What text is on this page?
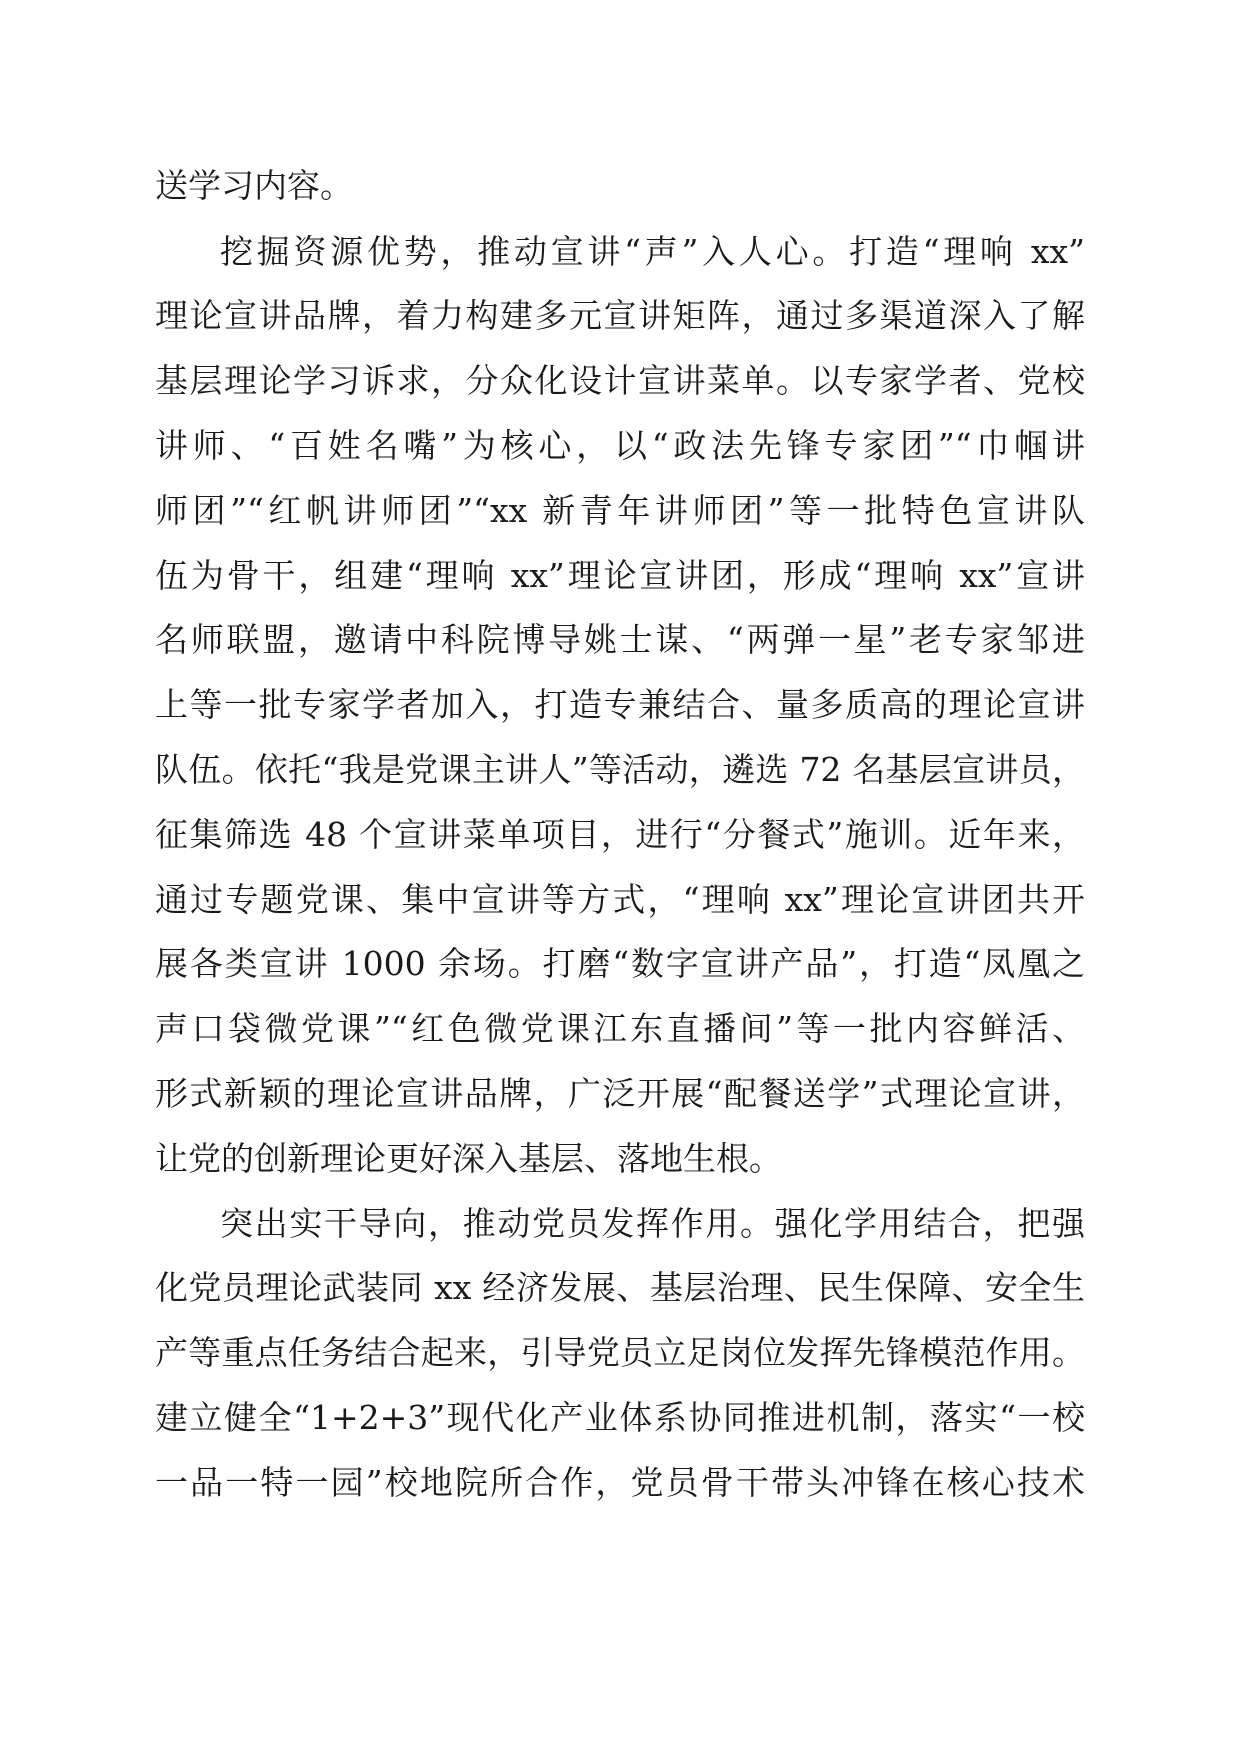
送学习内容。
挖掘资源优势，推动宣讲“声”入人心。打造“理响 xx”
理论宣讲品牌，着力构建多元宣讲矩阵，通过多渠道深入了解
基层理论学习诉求，分众化设计宣讲菜单。以专家学者、党校
讲师、“百姓名嘴”为核心，以“政法先锋专家团”“巾帼讲
师团”“红帆讲师团”“xx 新青年讲师团”等一批特色宣讲队
伍为骨干，组建“理响 xx”理论宣讲团，形成“理响 xx”宣讲
名师联盟，邀请中科院博导姚士谋、“两弹一星”老专家邹进
上等一批专家学者加入，打造专兼结合、量多质高的理论宣讲
队伍。依托“我是党课主讲人”等活动，遴选 72 名基层宣讲员，
征集筛选 48 个宣讲菜单项目，进行“分餐式”施训。近年来，
通过专题党课、集中宣讲等方式，“理响 xx”理论宣讲团共开
展各类宣讲 1000 余场。打磨“数字宣讲产品”，打造“凤凰之
声口袋微党课”“红色微党课江东直播间”等一批内容鲜活、
形式新颖的理论宣讲品牌，广泛开展“配餐送学”式理论宣讲，
让党的创新理论更好深入基层、落地生根。
突出实干导向，推动党员发挥作用。强化学用结合，把强
化党员理论武装同 xx 经济发展、基层治理、民生保障、安全生
产等重点任务结合起来，引导党员立足岗位发挥先锋模范作用。
建立健全“1+2+3”现代化产业体系协同推进机制，落实“一校
一品一特一园”校地院所合作，党员骨干带头冲锋在核心技术
